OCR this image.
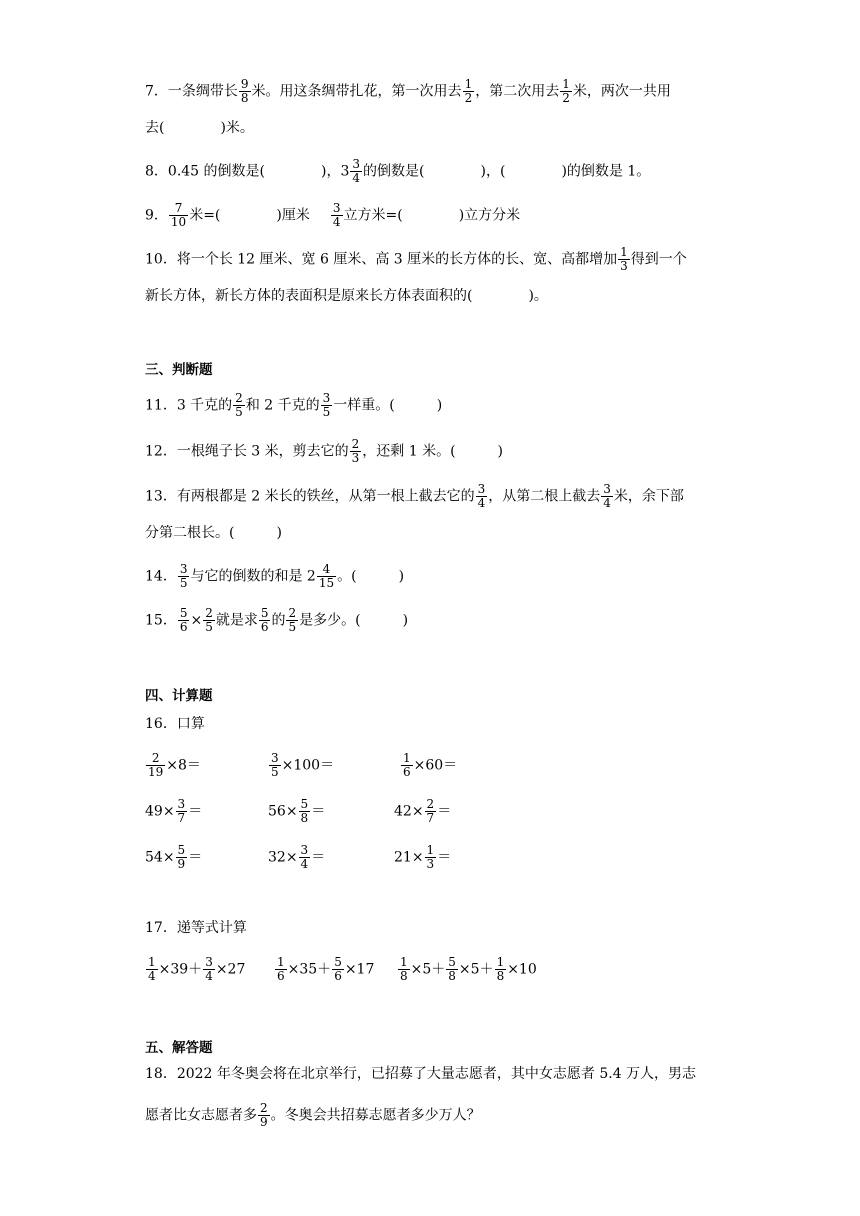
7．一条绸带长 $\frac{9}{8}$ 米。用这条绸带扎花，第一次用去 $\frac{1}{2}$ ，第二次用去 $\frac{1}{2}$ 米，两次一共用
去(	)米。
8．0.45 的倒数是(	)，$3 \frac{3}{4}$ 的倒数是(	)，(	)的倒数是 1。
9． $\frac{7}{10}$ 米=(	)厘米 $\frac{3}{4}$ 立方米=(	)立方分米
10．将一个长 12 厘米、宽 6 厘米、高 3 厘米的长方体的长、宽、高都增加 $\frac{1}{3}$ 得到一个
新长方体，新长方体的表面积是原来长方体表面积的(	)。
三、判断题
11．3 千克的 $\frac{2}{5}$ 和 2 千克的 $\frac{3}{5}$ 一样重。(	)
12．一根绳子长 3 米，剪去它的 $\frac{2}{3}$ ，还剩 1 米。(	)
13．有两根都是 2 米长的铁丝，从第一根上截去它的 $\frac{3}{4}$ ，从第二根上截去 $\frac{3}{4}$ 米，余下部
分第二根长。(	)
14． $\frac{3}{5}$ 与它的倒数的和是 $2 \frac{4}{15}$ 。(	)
15． $\frac{5}{6} \times \frac{2}{5}$ 就是求 $\frac{5}{6}$ 的 $\frac{2}{5}$ 是多少。(	)
四、计算题
16．口算
$\frac{2}{19} \times 8=$	$\frac{3}{5} \times 100=$	$\frac{1}{6} \times 60=$
$49\times \frac{3}{7}$ ＝	$56\times \frac{5}{8}$ ＝	$42\times \frac{2}{7}$ ＝
$54\times \frac{5}{9}$ ＝	$32\times \frac{3}{4}$ ＝	$21\times \frac{1}{3}$ ＝
17．递等式计算
$\frac{1}{4} \times 39+ \frac{3}{4} \times 27 \frac{1}{6} \times 35+ \frac{5}{6} \times 17 \frac{1}{8} \times 5+ \frac{5}{8} \times 5+ \frac{1}{8} \times 10$
五、解答题
18．2022 年冬奥会将在北京举行，已招募了大量志愿者，其中女志愿者 5.4 万人，男志
愿者比女志愿者多 $\frac{2}{9}$ 。冬奥会共招募志愿者多少万人？
